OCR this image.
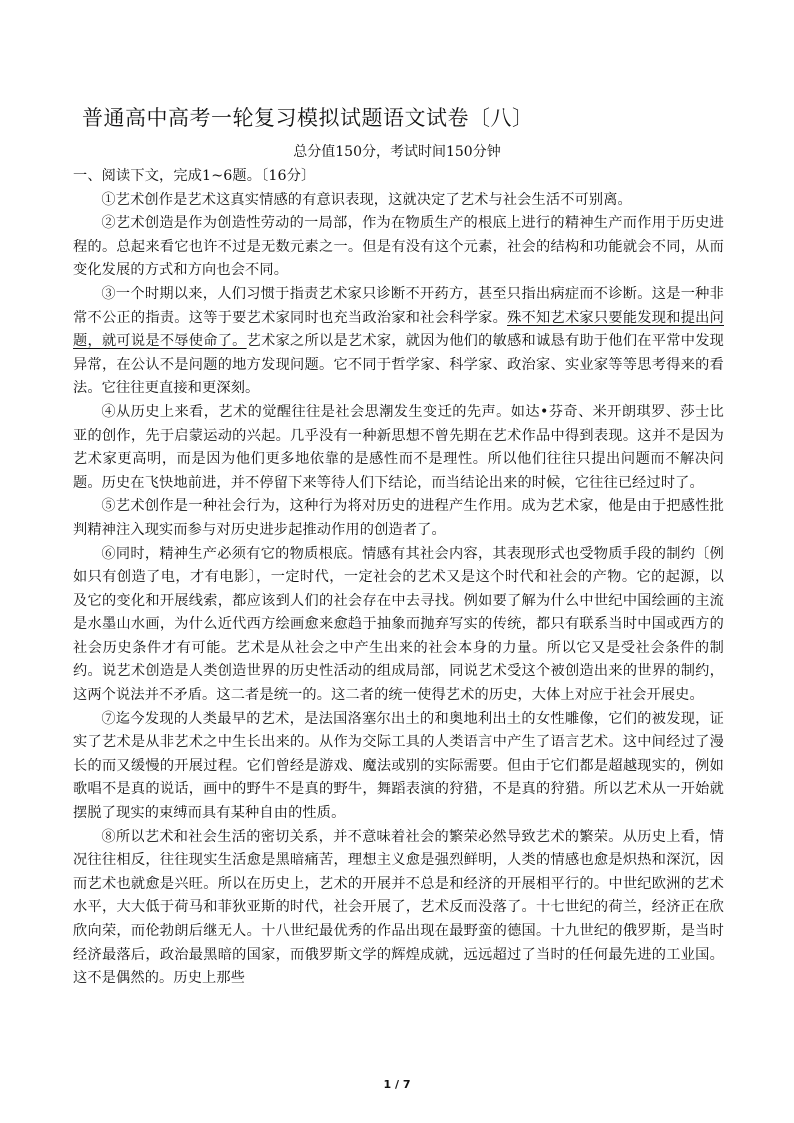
普通高中高考一轮复习模拟试题语文试卷〔八〕
总分值150分，考试时间150分钟

一、阅读下文，完成1~6题。〔16分〕

①艺术创作是艺术这真实情感的有意识表现，这就决定了艺术与社会生活不可别离。

②艺术创造是作为创造性劳动的一局部，作为在物质生产的根底上进行的精神生产而作用于历史进程的。总起来看它也许不过是无数元素之一。但是有没有这个元素，社会的结构和功能就会不同，从而变化发展的方式和方向也会不同。

③一个时期以来，人们习惯于指责艺术家只诊断不开药方，甚至只指出病症而不诊断。这是一种非常不公正的指责。这等于要艺术家同时也充当政治家和社会科学家。殊不知艺术家只要能发现和提出问题，就可说是不辱使命了。艺术家之所以是艺术家，就因为他们的敏感和诚恳有助于他们在平常中发现异常，在公认不是问题的地方发现问题。它不同于哲学家、科学家、政治家、实业家等等思考得来的看法。它往往更直接和更深刻。

④从历史上来看，艺术的觉醒往往是社会思潮发生变迁的先声。如达•芬奇、米开朗琪罗、莎士比亚的创作，先于启蒙运动的兴起。几乎没有一种新思想不曾先期在艺术作品中得到表现。这并不是因为艺术家更高明，而是因为他们更多地依靠的是感性而不是理性。所以他们往往只提出问题而不解决问题。历史在飞快地前进，并不停留下来等待人们下结论，而当结论出来的时候，它往往已经过时了。

⑤艺术创作是一种社会行为，这种行为将对历史的进程产生作用。成为艺术家，他是由于把感性批判精神注入现实而参与对历史进步起推动作用的创造者了。

⑥同时，精神生产必须有它的物质根底。情感有其社会内容，其表现形式也受物质手段的制约〔例如只有创造了电，才有电影〕，一定时代，一定社会的艺术又是这个时代和社会的产物。它的起源，以及它的变化和开展线索，都应该到人们的社会存在中去寻找。例如要了解为什么中世纪中国绘画的主流是水墨山水画，为什么近代西方绘画愈来愈趋于抽象而抛弃写实的传统，都只有联系当时中国或西方的社会历史条件才有可能。艺术是从社会之中产生出来的社会本身的力量。所以它又是受社会条件的制约。说艺术创造是人类创造世界的历史性活动的组成局部，同说艺术受这个被创造出来的世界的制约，这两个说法并不矛盾。这二者是统一的。这二者的统一使得艺术的历史，大体上对应于社会开展史。

⑦迄今发现的人类最早的艺术，是法国洛塞尔出土的和奥地利出土的女性雕像，它们的被发现，证实了艺术是从非艺术之中生长出来的。从作为交际工具的人类语言中产生了语言艺术。这中间经过了漫长的而又缓慢的开展过程。它们曾经是游戏、魔法或别的实际需要。但由于它们都是超越现实的，例如歌唱不是真的说话，画中的野牛不是真的野牛，舞蹈表演的狩猎，不是真的狩猎。所以艺术从一开始就摆脱了现实的束缚而具有某种自由的性质。

⑧所以艺术和社会生活的密切关系，并不意味着社会的繁荣必然导致艺术的繁荣。从历史上看，情况往往相反，往往现实生活愈是黑暗痛苦，理想主义愈是强烈鲜明，人类的情感也愈是炽热和深沉，因而艺术也就愈是兴旺。所以在历史上，艺术的开展并不总是和经济的开展相平行的。中世纪欧洲的艺术水平，大大低于荷马和菲狄亚斯的时代，社会开展了，艺术反而没落了。十七世纪的荷兰，经济正在欣欣向荣，而伦勃朗后继无人。十八世纪最优秀的作品出现在最野蛮的德国。十九世纪的俄罗斯，是当时经济最落后，政治最黑暗的国家，而俄罗斯文学的辉煌成就，远远超过了当时的任何最先进的工业国。这不是偶然的。历史上那些

1 / 7
